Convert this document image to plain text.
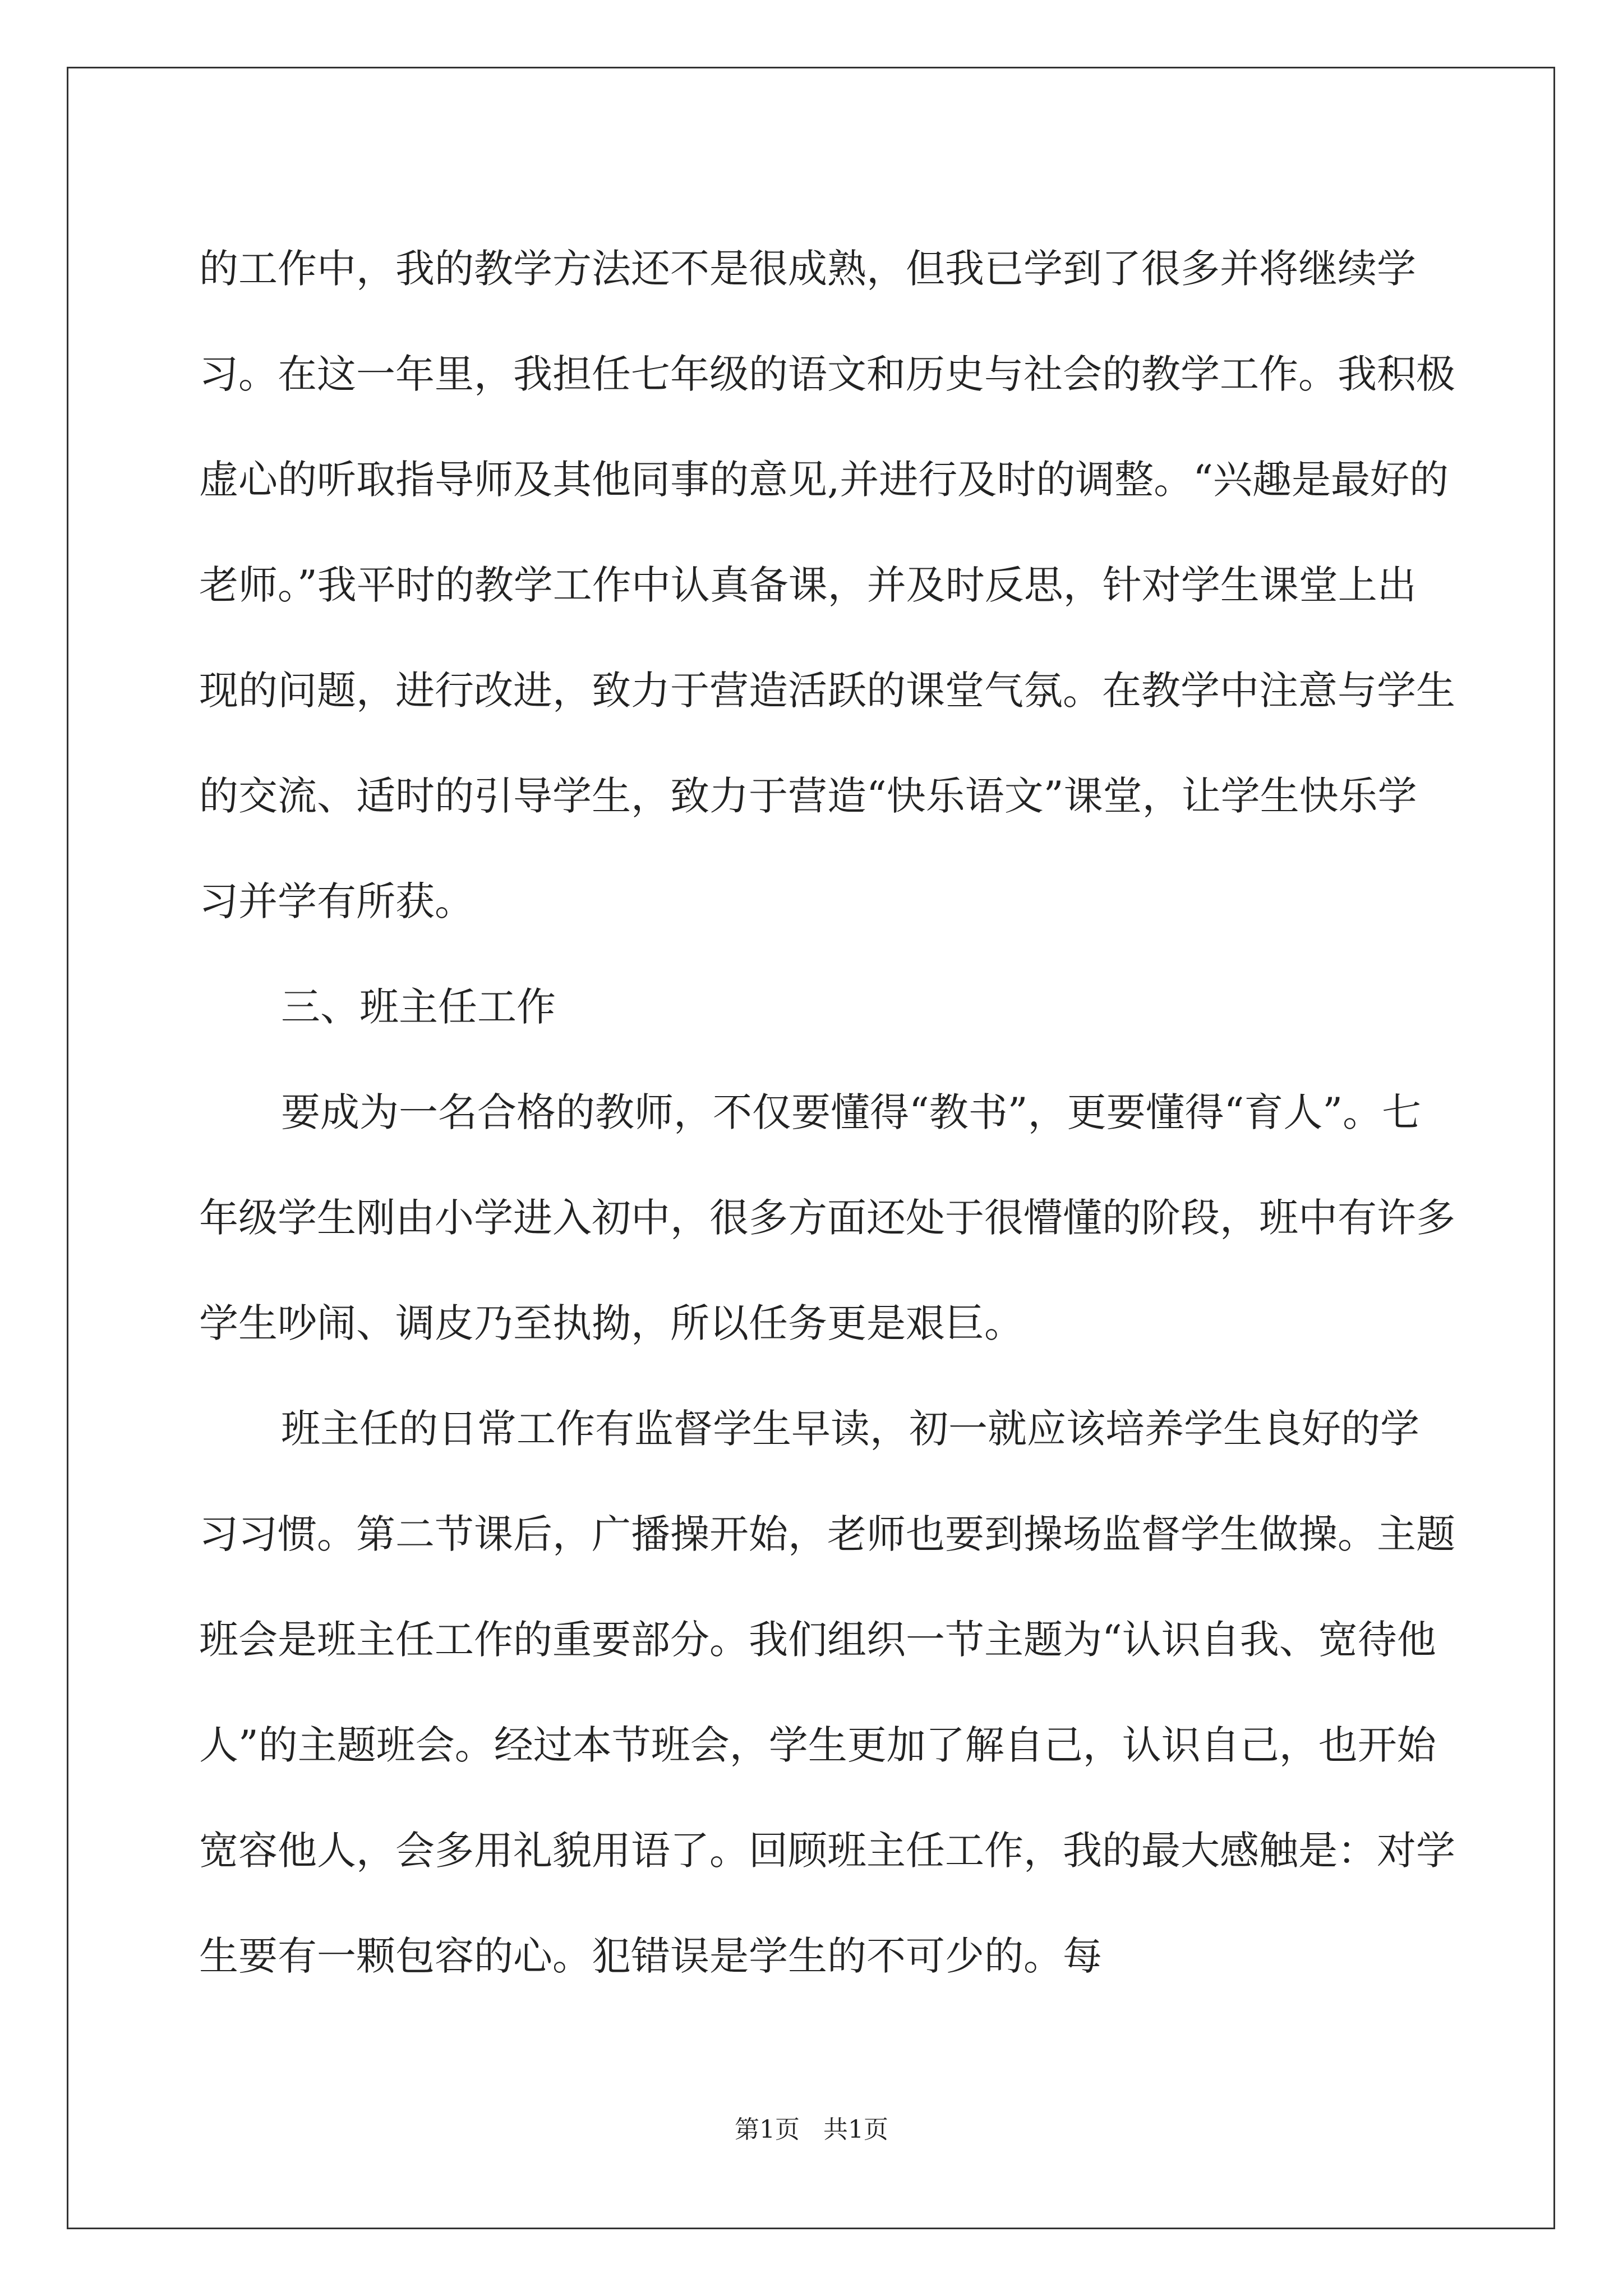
的工作中，我的教学方法还不是很成熟，但我已学到了很多并将继续学习。在这一年里，我担任七年级的语文和历史与社会的教学工作。我积极虚心的听取指导师及其他同事的意见,并进行及时的调整。“兴趣是最好的老师。”我平时的教学工作中认真备课，并及时反思，针对学生课堂上出现的问题，进行改进，致力于营造活跃的课堂气氛。在教学中注意与学生的交流、适时的引导学生，致力于营造“快乐语文”课堂，让学生快乐学习并学有所获。

三、班主任工作

要成为一名合格的教师，不仅要懂得“教书”，更要懂得“育人”。七年级学生刚由小学进入初中，很多方面还处于很懵懂的阶段，班中有许多学生吵闹、调皮乃至执拗，所以任务更是艰巨。

班主任的日常工作有监督学生早读，初一就应该培养学生良好的学习习惯。第二节课后，广播操开始，老师也要到操场监督学生做操。主题班会是班主任工作的重要部分。我们组织一节主题为“认识自我、宽待他人”的主题班会。经过本节班会，学生更加了解自己，认识自己，也开始宽容他人，会多用礼貌用语了。回顾班主任工作，我的最大感触是：对学生要有一颗包容的心。犯错误是学生的不可少的。每

第1页   共1页
